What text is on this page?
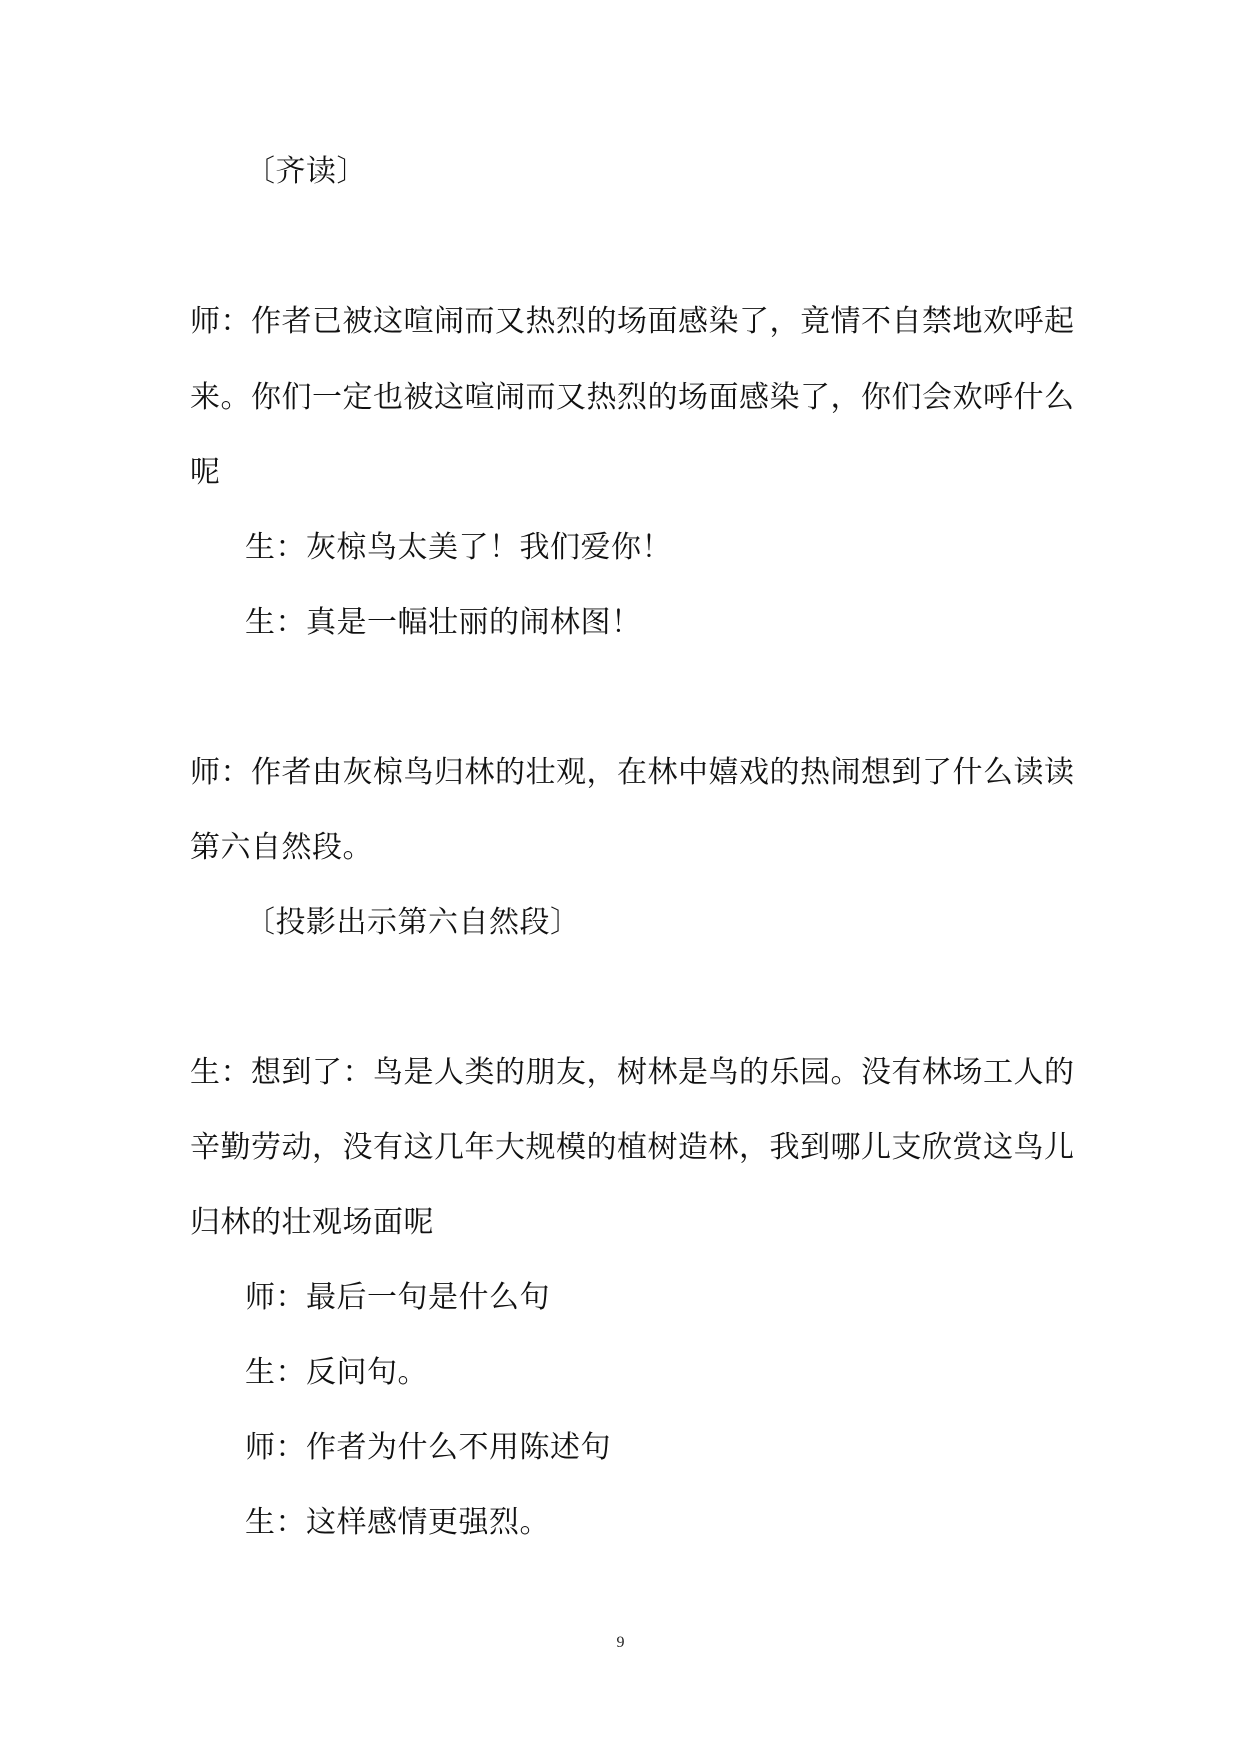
〔齐读〕
师：作者已被这喧闹而又热烈的场面感染了，竟情不自禁地欢呼起
来。你们一定也被这喧闹而又热烈的场面感染了，你们会欢呼什么
呢
生：灰椋鸟太美了！我们爱你！
生：真是一幅壮丽的闹林图！
师：作者由灰椋鸟归林的壮观，在林中嬉戏的热闹想到了什么读读
第六自然段。
〔投影出示第六自然段〕
生：想到了：鸟是人类的朋友，树林是鸟的乐园。没有林场工人的
辛勤劳动，没有这几年大规模的植树造林，我到哪儿支欣赏这鸟儿
归林的壮观场面呢
师：最后一句是什么句
生：反问句。
师：作者为什么不用陈述句
生：这样感情更强烈。
9
